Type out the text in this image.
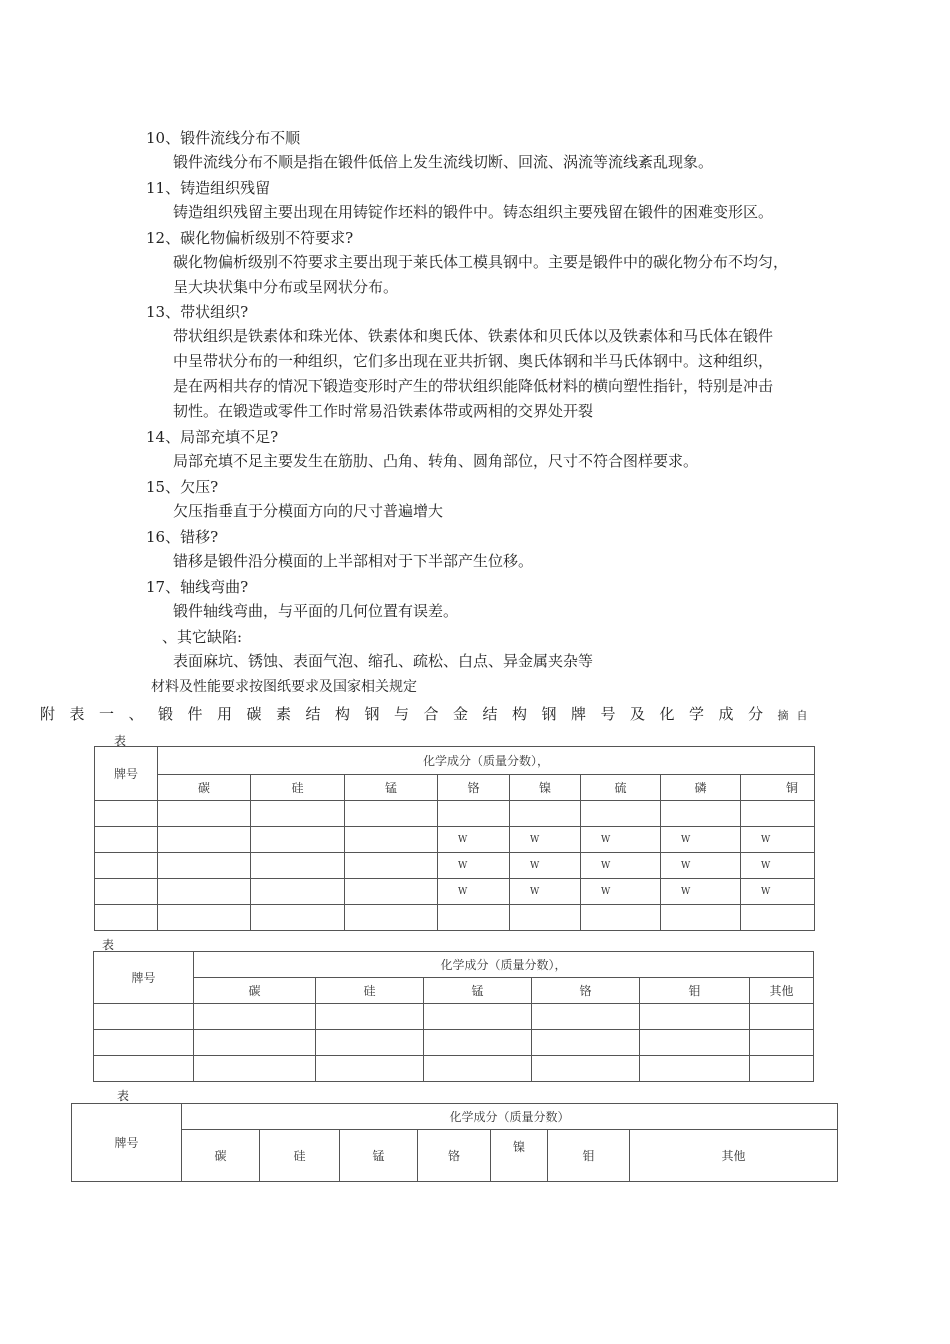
10、锻件流线分布不顺
锻件流线分布不顺是指在锻件低倍上发生流线切断、回流、涡流等流线紊乱现象。
11、铸造组织残留
铸造组织残留主要出现在用铸锭作坯料的锻件中。铸态组织主要残留在锻件的困难变形区。
12、碳化物偏析级别不符要求?
碳化物偏析级别不符要求主要出现于莱氏体工模具钢中。主要是锻件中的碳化物分布不均匀，
呈大块状集中分布或呈网状分布。
13、带状组织?
带状组织是铁素体和珠光体、铁素体和奥氏体、铁素体和贝氏体以及铁素体和马氏体在锻件
中呈带状分布的一种组织，它们多出现在亚共折钢、奥氏体钢和半马氏体钢中。这种组织，
是在两相共存的情况下锻造变形时产生的带状组织能降低材料的横向塑性指针，特别是冲击
韧性。在锻造或零件工作时常易沿铁素体带或两相的交界处开裂
14、局部充填不足?
局部充填不足主要发生在筋肋、凸角、转角、圆角部位，尺寸不符合图样要求。
15、欠压?
欠压指垂直于分模面方向的尺寸普遍增大
16、错移?
错移是锻件沿分模面的上半部相对于下半部产生位移。
17、轴线弯曲?
锻件轴线弯曲，与平面的几何位置有误差。
、其它缺陷:
表面麻坑、锈蚀、表面气泡、缩孔、疏松、白点、异金属夹杂等
材料及性能要求按图纸要求及国家相关规定
附表一、锻件用碳素结构钢与合金结构钢牌号及化学成分摘自
表
牌号	化学成分（质量分数），							
	碳	硅	锰	铬	镍	硫	磷	铜

				W	W	W	W	W
				W	W	W	W	W
				W	W	W	W	W

表
牌号	化学成分（质量分数），					
	碳	硅	锰	铬	钼	其他

表
牌号	化学成分（质量分数）						
	碳	硅	锰	铬	镍	钼	其他
